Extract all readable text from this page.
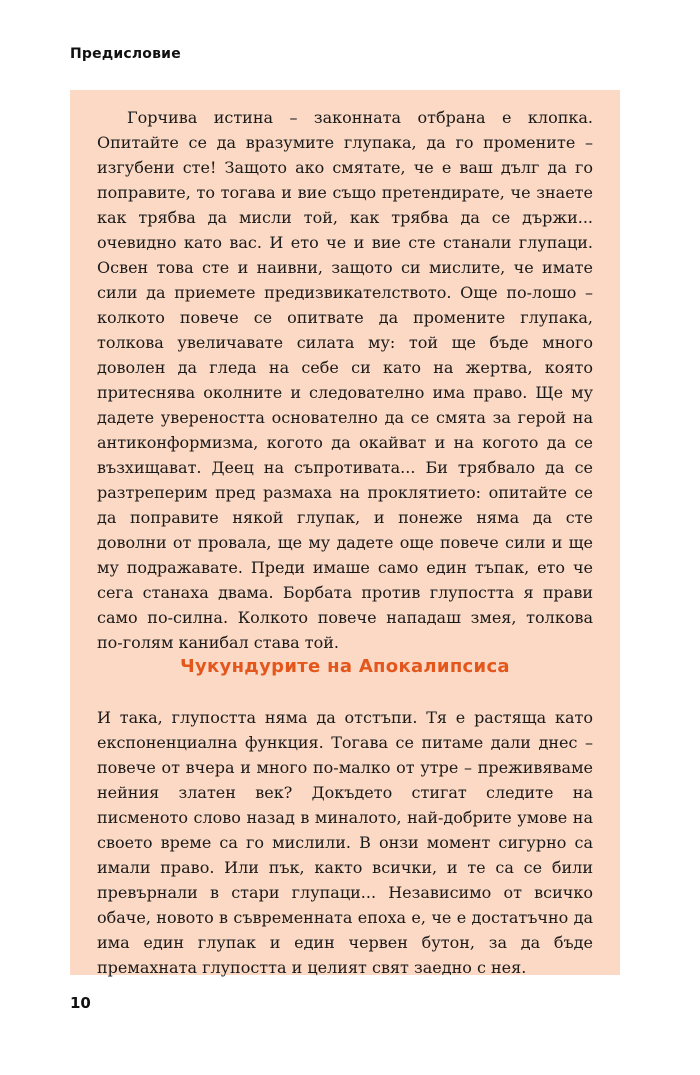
Предисловие

Горчива истина – законната отбрана е клопка. Опитайте се да вразумите глупака, да го промените – изгубени сте! Защото ако смятате, че е ваш дълг да го поправите, то тогава и вие също претендирате, че знаете как трябва да мисли той, как трябва да се държи... очевидно като вас. И ето че и вие сте станали глупаци. Освен това сте и наивни, защото си мислите, че имате сили да приемете предизвикателството. Още по-лошо – колкото повече се опитвате да промените глупака, толкова увеличавате силата му: той ще бъде много доволен да гледа на себе си като на жертва, която притеснява околните и следователно има право. Ще му дадете увереността основателно да се смята за герой на антиконформизма, когото да окайват и на когото да се възхищават. Деец на съпротивата... Би трябвало да се разтреперим пред размаха на проклятието: опитайте се да поправите някой глупак, и понеже няма да сте доволни от провала, ще му дадете още повече сили и ще му подражавате. Преди имаше само един тъпак, ето че сега станаха двама. Борбата против глупостта я прави само по-силна. Колкото повече нападаш змея, толкова по-голям канибал става той.

Чукундурите на Апокалипсиса

И така, глупостта няма да отстъпи. Тя е растяща като експоненциална функция. Тогава се питаме дали днес – повече от вчера и много по-малко от утре – преживяваме нейния златен век? Докъдето стигат следите на писменото слово назад в миналото, най-добрите умове на своето време са го мислили. В онзи момент сигурно са имали право. Или пък, както всички, и те са се били превърнали в стари глупаци... Независимо от всичко обаче, новото в съвременната епоха е, че е достатъчно да има един глупак и един червен бутон, за да бъде премахната глупостта и целият свят заедно с нея.

10
